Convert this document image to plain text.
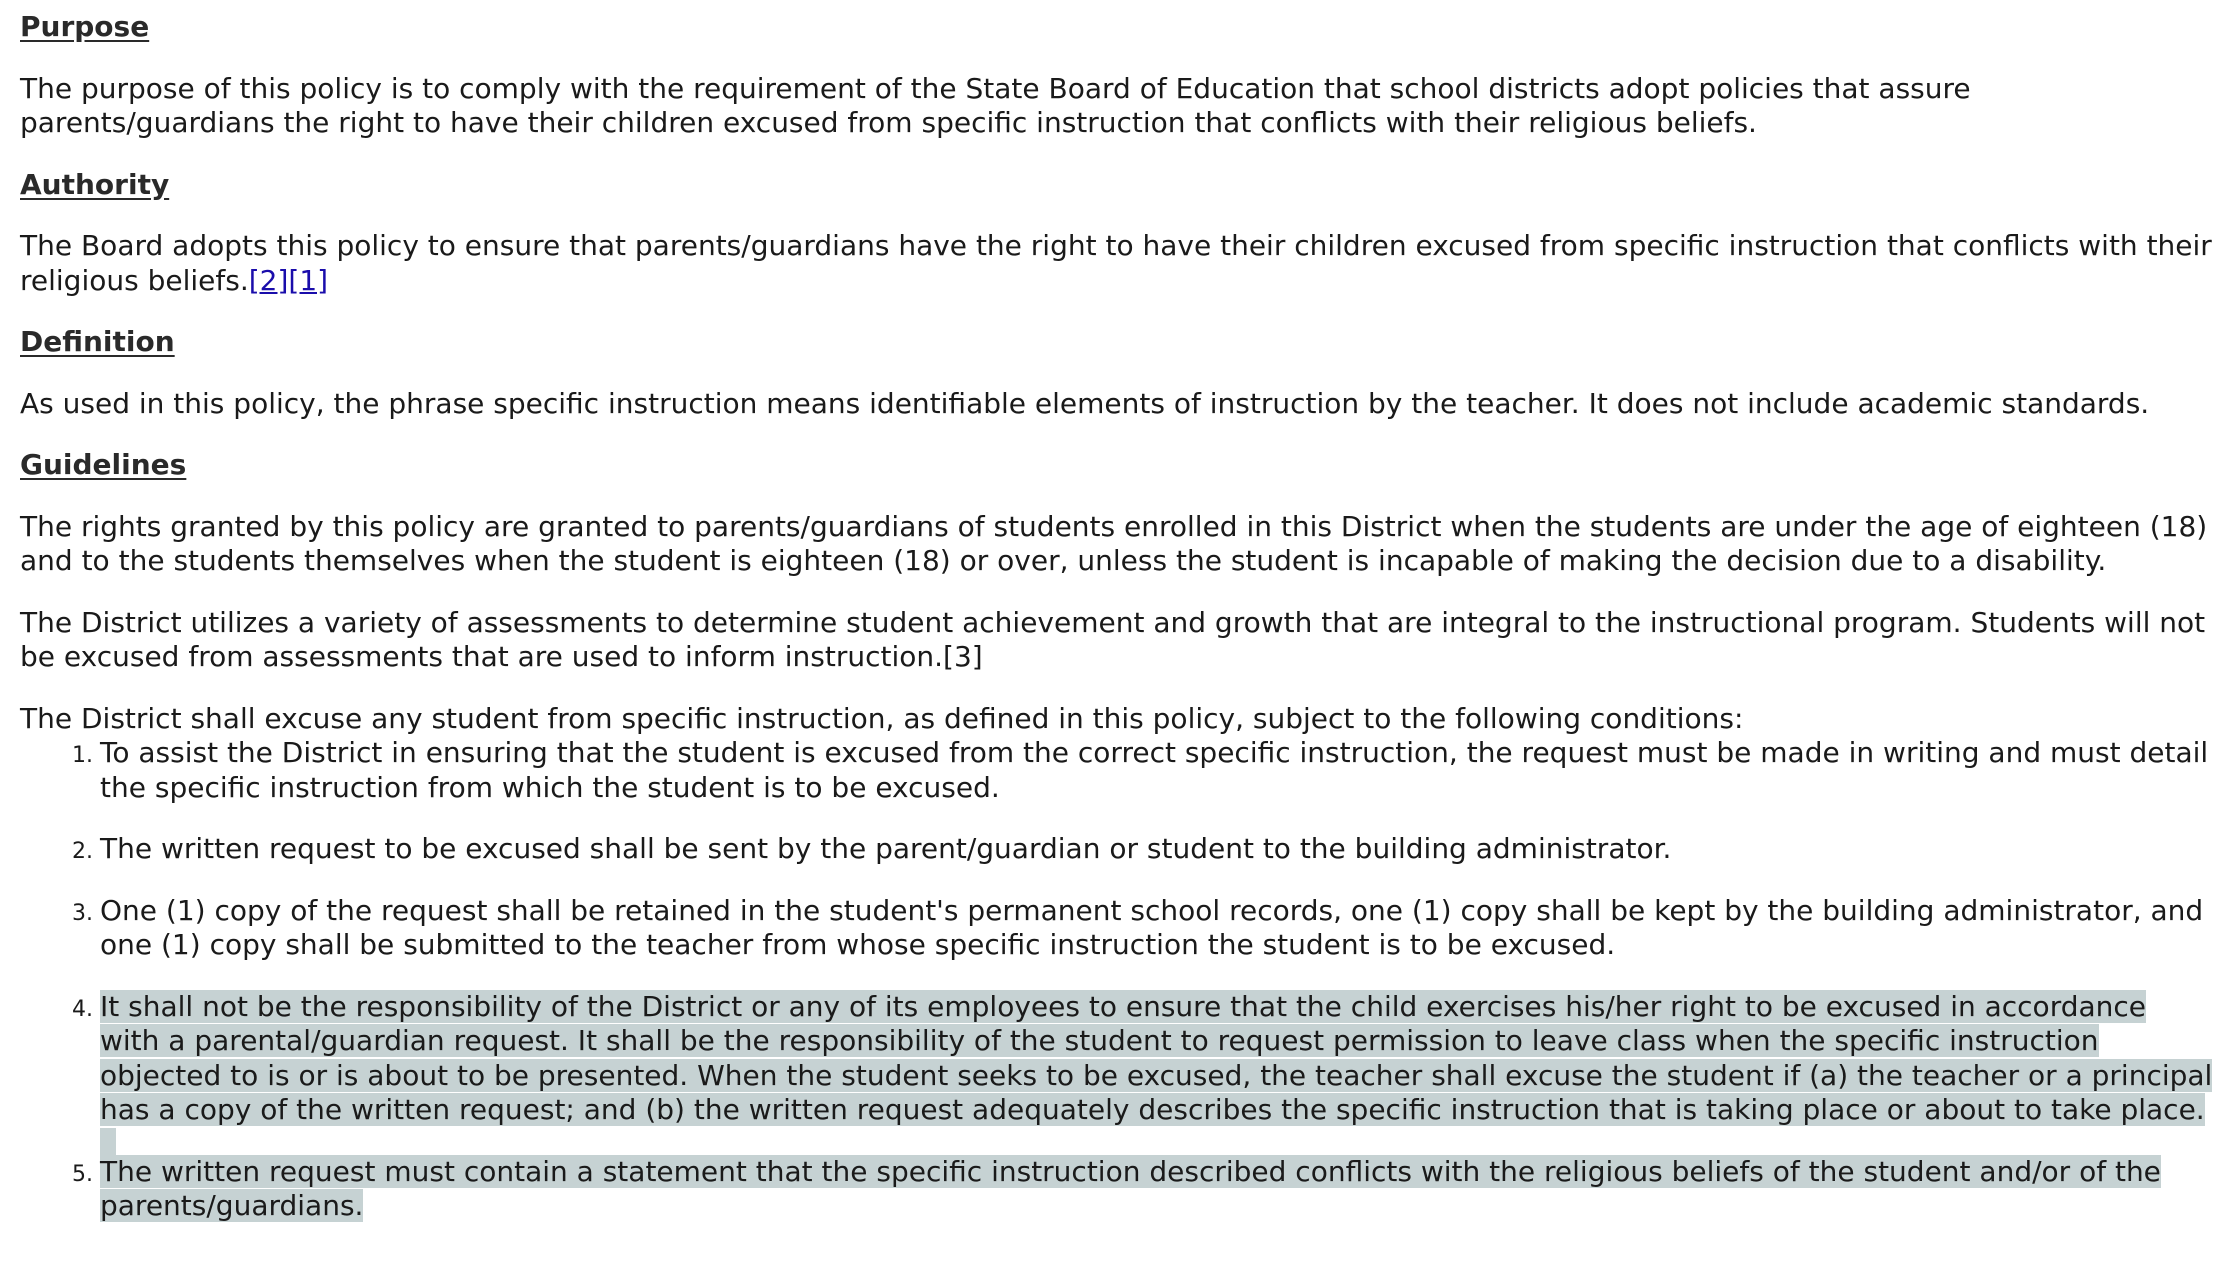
Purpose

The purpose of this policy is to comply with the requirement of the State Board of Education that school districts adopt policies that assure parents/guardians the right to have their children excused from specific instruction that conflicts with their religious beliefs.

Authority

The Board adopts this policy to ensure that parents/guardians have the right to have their children excused from specific instruction that conflicts with their religious beliefs.[2][1]

Definition

As used in this policy, the phrase specific instruction means identifiable elements of instruction by the teacher. It does not include academic standards.

Guidelines

The rights granted by this policy are granted to parents/guardians of students enrolled in this District when the students are under the age of eighteen (18) and to the students themselves when the student is eighteen (18) or over, unless the student is incapable of making the decision due to a disability.

The District utilizes a variety of assessments to determine student achievement and growth that are integral to the instructional program. Students will not be excused from assessments that are used to inform instruction.[3]

The District shall excuse any student from specific instruction, as defined in this policy, subject to the following conditions:

1. To assist the District in ensuring that the student is excused from the correct specific instruction, the request must be made in writing and must detail the specific instruction from which the student is to be excused.
2. The written request to be excused shall be sent by the parent/guardian or student to the building administrator.
3. One (1) copy of the request shall be retained in the student's permanent school records, one (1) copy shall be kept by the building administrator, and one (1) copy shall be submitted to the teacher from whose specific instruction the student is to be excused.
4. It shall not be the responsibility of the District or any of its employees to ensure that the child exercises his/her right to be excused in accordance with a parental/guardian request. It shall be the responsibility of the student to request permission to leave class when the specific instruction objected to is or is about to be presented. When the student seeks to be excused, the teacher shall excuse the student if (a) the teacher or a principal has a copy of the written request; and (b) the written request adequately describes the specific instruction that is taking place or about to take place.
5. The written request must contain a statement that the specific instruction described conflicts with the religious beliefs of the student and/or of the parents/guardians.
